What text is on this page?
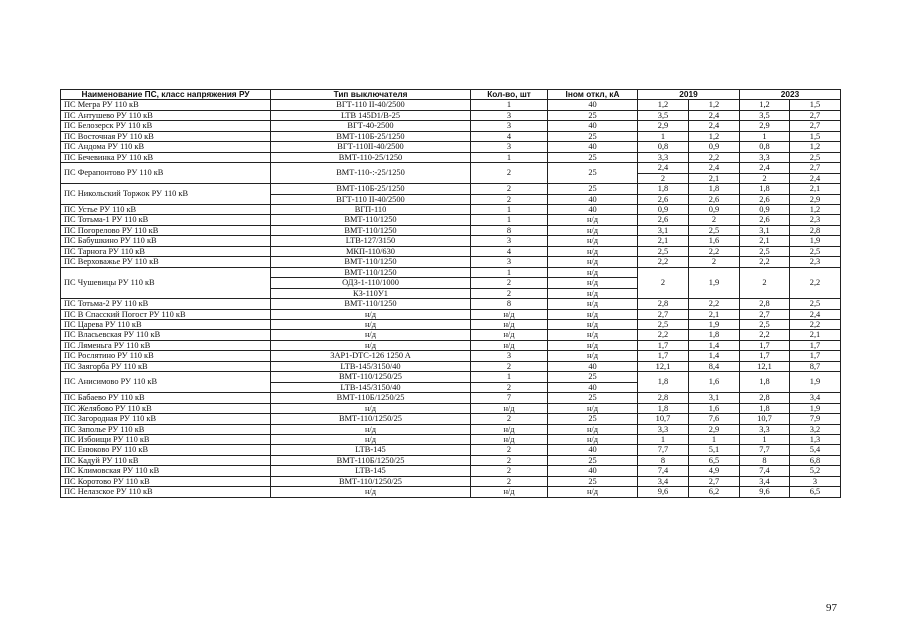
Наименование ПС, класс напряжения РУ	Тип выключателя	Кол-во, шт	Iном откл, кА	2019		2023	
ПС Мегра РУ 110 кВ	ВГТ-110 II-40/2500	1	40	1,2	1,2	1,2	1,5
ПС Антушево РУ 110 кВ	LTB 145D1/B-25	3	25	3,5	2,4	3,5	2,7
ПС Белозерск РУ 110 кВ	ВГТ-40-2500	3	40	2,9	2,4	2,9	2,7
ПС Восточная РУ 110 кВ	ВМТ-110Б-25/1250	4	25	1	1,2	1	1,5
ПС Андома РУ 110 кВ	ВГТ-110II-40/2500	3	40	0,8	0,9	0,8	1,2
ПС Бечевинка РУ 110 кВ	ВМТ-110-25/1250	1	25	3,3	2,2	3,3	2,5
ПС Ферапонтово РУ 110 кВ	ВМТ-110-:-25/1250	2	25	2,4	2,4	2,4	2,7
				2	2,1	2	2,4
ПС Никольский Торжок РУ 110 кВ	ВМТ-110Б-25/1250	2	25	1,8	1,8	1,8	2,1
	ВГТ-110 II-40/2500	2	40	2,6	2,6	2,6	2,9
ПС Устье РУ 110 кВ	ВГП-110	1	40	0,9	0,9	0,9	1,2
ПС Тотьма-1 РУ 110 кВ	ВМТ-110/1250	1	н/д	2,6	2	2,6	2,3
ПС Погорелово РУ 110 кВ	ВМТ-110/1250	8	н/д	3,1	2,5	3,1	2,8
ПС Бабушкино РУ 110 кВ	LTB-127/3150	3	н/д	2,1	1,6	2,1	1,9
ПС Тарнога РУ 110 кВ	МКП-110/630	4	н/д	2,5	2,2	2,5	2,5
ПС Верховажье РУ 110 кВ	ВМТ-110/1250	3	н/д	2,2	2	2,2	2,3
ПС Чушевицы РУ 110 кВ	ВМТ-110/1250	1	н/д	2	1,9	2	2,2
	ОДЗ-1-110/1000	2	н/д				
	КЗ-110У1	2	н/д				
ПС Тотьма-2 РУ 110 кВ	ВМТ-110/1250	8	н/д	2,8	2,2	2,8	2,5
ПС В Спасский Погост РУ 110 кВ	н/д	н/д	н/д	2,7	2,1	2,7	2,4
ПС Царева РУ 110 кВ	н/д	н/д	н/д	2,5	1,9	2,5	2,2
ПС Власьевская РУ 110 кВ	н/д	н/д	н/д	2,2	1,8	2,2	2,1
ПС Ляменьга РУ 110 кВ	н/д	н/д	н/д	1,7	1,4	1,7	1,7
ПС Рослятино РУ 110 кВ	3AP1-DTC-126 1250 A	3	н/д	1,7	1,4	1,7	1,7
ПС Заягорба РУ 110 кВ	LTB-145/3150/40	2	40	12,1	8,4	12,1	8,7
ПС Анисимово РУ 110 кВ	ВМТ-110/1250/25	1	25	1,8	1,6	1,8	1,9
	LTB-145/3150/40	2	40				
ПС Бабаево РУ 110 кВ	ВМТ-110Б/1250/25	7	25	2,8	3,1	2,8	3,4
ПС Желябово РУ 110 кВ	н/д	н/д	н/д	1,8	1,6	1,8	1,9
ПС Загородная РУ 110 кВ	ВМТ-110/1250/25	2	25	10,7	7,6	10,7	7,9
ПС Заполье РУ 110 кВ	н/д	н/д	н/д	3,3	2,9	3,3	3,2
ПС Избоищи РУ 110 кВ	н/д	н/д	н/д	1	1	1	1,3
ПС Енюково РУ 110 кВ	LTB-145	2	40	7,7	5,1	7,7	5,4
ПС Кадуй РУ 110 кВ	ВМТ-110Б/1250/25	2	25	8	6,5	8	6,8
ПС Климовская РУ 110 кВ	LTB-145	2	40	7,4	4,9	7,4	5,2
ПС Коротово РУ 110 кВ	ВМТ-110/1250/25	2	25	3,4	2,7	3,4	3
ПС Нелазское РУ 110 кВ	н/д	н/д	н/д	9,6	6,2	9,6	6,5
97
